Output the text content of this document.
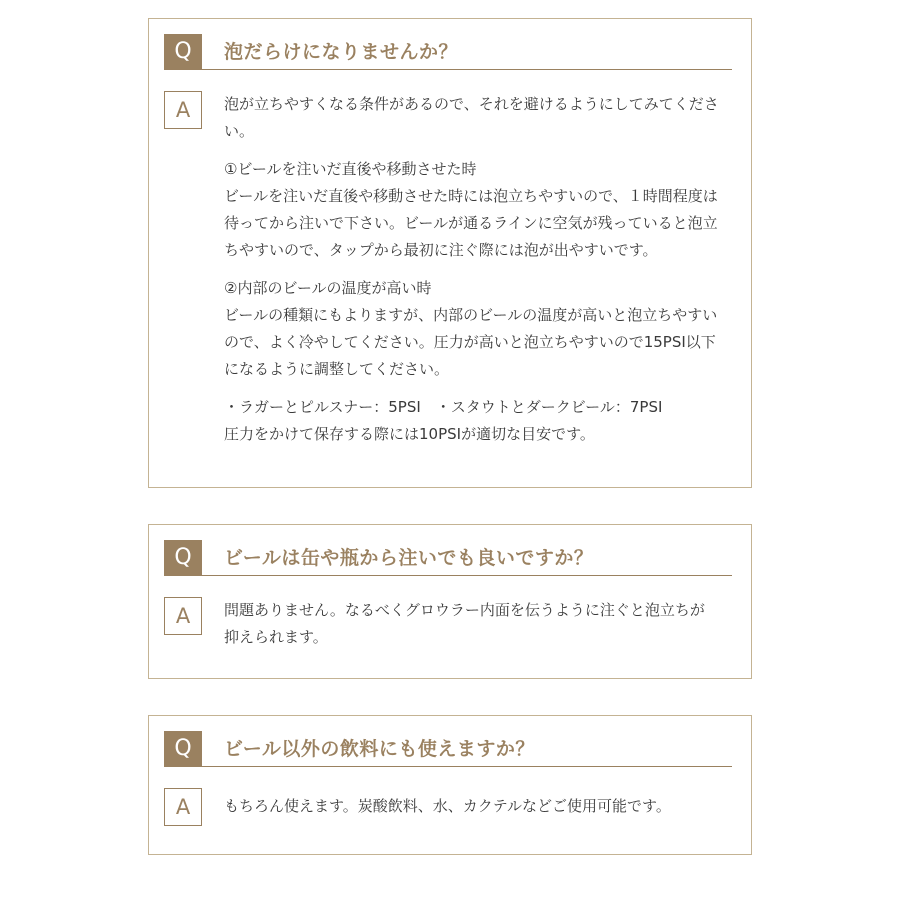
Q	泡だらけになりませんか？
A	泡が立ちやすくなる条件があるので、それを避けるようにしてみてください。

①ビールを注いだ直後や移動させた時

ビールを注いだ直後や移動させた時には泡立ちやすいので、１時間程度は待ってから注いで下さい。ビールが通るラインに空気が残っていると泡立ちやすいので、タップから最初に注ぐ際には泡が出やすいです。

②内部のビールの温度が高い時

ビールの種類にもよりますが、内部のビールの温度が高いと泡立ちやすいので、よく冷やしてください。圧力が高いと泡立ちやすいので15PSI以下になるように調整してください。

・ラガーとピルスナー：5PSI　・スタウトとダークビール：7PSI

圧力をかけて保存する際には10PSIが適切な目安です。

Q	ビールは缶や瓶から注いでも良いですか？
A	問題ありません。なるべくグロウラー内面を伝うように注ぐと泡立ちが抑えられます。

Q	ビール以外の飲料にも使えますか？
A	もちろん使えます。炭酸飲料、水、カクテルなどご使用可能です。
